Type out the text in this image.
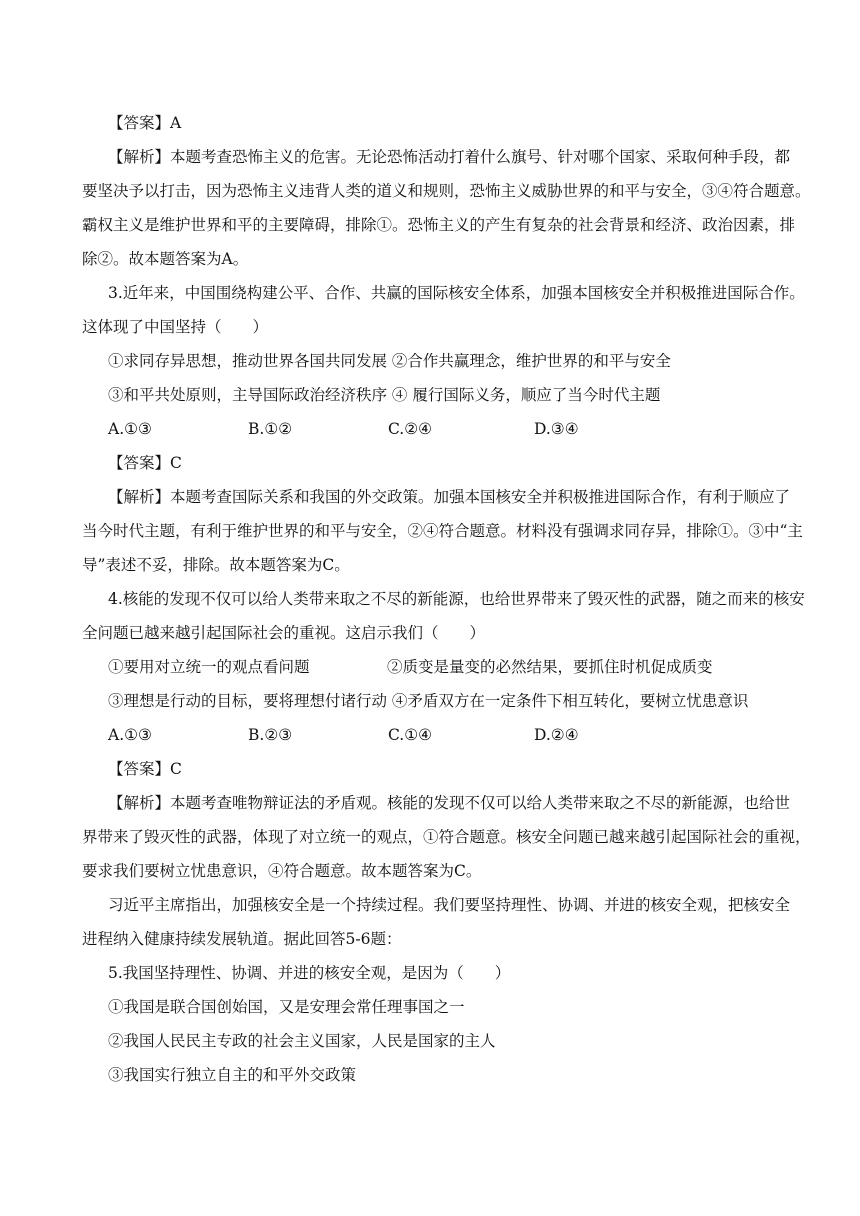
【答案】A
【解析】本题考查恐怖主义的危害。无论恐怖活动打着什么旗号、针对哪个国家、采取何种手段，都
要坚决予以打击，因为恐怖主义违背人类的道义和规则，恐怖主义威胁世界的和平与安全，③④符合题意。
霸权主义是维护世界和平的主要障碍，排除①。恐怖主义的产生有复杂的社会背景和经济、政治因素，排
除②。故本题答案为A。
3.近年来，中国围绕构建公平、合作、共赢的国际核安全体系，加强本国核安全并积极推进国际合作。
这体现了中国坚持（　　）
①求同存异思想，推动世界各国共同发展 ②合作共赢理念，维护世界的和平与安全
③和平共处原则，主导国际政治经济秩序 ④ 履行国际义务，顺应了当今时代主题
A.①③	B.①②	C.②④	D.③④
【答案】C
【解析】本题考查国际关系和我国的外交政策。加强本国核安全并积极推进国际合作，有利于顺应了
当今时代主题，有利于维护世界的和平与安全，②④符合题意。材料没有强调求同存异，排除①。③中“主
导”表述不妥，排除。故本题答案为C。
4.核能的发现不仅可以给人类带来取之不尽的新能源，也给世界带来了毁灭性的武器，随之而来的核安
全问题已越来越引起国际社会的重视。这启示我们（　　）
①要用对立统一的观点看问题　　　　　②质变是量变的必然结果，要抓住时机促成质变
③理想是行动的目标，要将理想付诸行动 ④矛盾双方在一定条件下相互转化，要树立忧患意识
A.①③	B.②③	C.①④	D.②④
【答案】C
【解析】本题考查唯物辩证法的矛盾观。核能的发现不仅可以给人类带来取之不尽的新能源，也给世
界带来了毁灭性的武器，体现了对立统一的观点，①符合题意。核安全问题已越来越引起国际社会的重视，
要求我们要树立忧患意识，④符合题意。故本题答案为C。
习近平主席指出，加强核安全是一个持续过程。我们要坚持理性、协调、并进的核安全观，把核安全
进程纳入健康持续发展轨道。据此回答5-6题：
5.我国坚持理性、协调、并进的核安全观，是因为（　　）
①我国是联合国创始国，又是安理会常任理事国之一
②我国人民民主专政的社会主义国家，人民是国家的主人
③我国实行独立自主的和平外交政策
